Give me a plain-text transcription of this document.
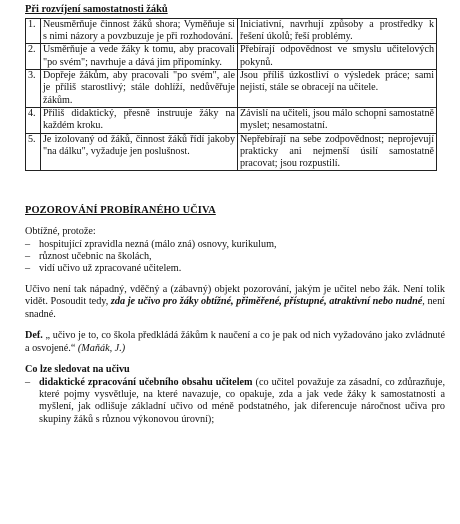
Při rozvíjení samostatnosti žáků
1.	Neusměrňuje činnost žáků shora; Vyměňuje si s nimi názory a povzbuzuje je při rozhodování.	Iniciativní, navrhují způsoby a prostředky k řešení úkolů; řeší problémy.
2.	Usměrňuje a vede žáky k tomu, aby pracovali "po svém"; navrhuje a dává jim připomínky.	Přebírají odpovědnost ve smyslu učitelových pokynů.
3.	Dopřeje žákům, aby pracovali "po svém", ale je příliš starostlivý; stále dohlíží, nedůvěřuje žákům.	Jsou příliš úzkostliví o výsledek práce; sami nejistí, stále se obracejí na učitele.
4.	Příliš didaktický, přesně instruuje žáky na každém kroku.	Závislí na učiteli, jsou málo schopni samostatně myslet; nesamostatní.
5.	Je izolovaný od žáků, činnost žáků řídí jakoby "na dálku", vyžaduje jen poslušnost.	Nepřebírají na sebe zodpovědnost; neprojevují prakticky ani nejmenší úsilí samostatně pracovat; jsou rozpustilí.
POZOROVÁNÍ PROBÍRANÉHO UČIVA

Obtížné, protože:

– hospitující zpravidla nezná (málo zná) osnovy, kurikulum,
– různost učebnic na školách,
– vidí učivo už zpracované učitelem.

Učivo není tak nápadný, vděčný a (zábavný) objekt pozorování, jakým je učitel nebo žák. Není tolik vidět. Posoudit tedy, zda je učivo pro žáky obtížné, přiměřené, přístupné, atraktivní nebo nudné, není snadné.

Def. „ učivo je to, co škola předkládá žákům k naučení a co je pak od nich vyžadováno jako zvládnuté a osvojené.“ (Maňák, J.)

Co lze sledovat na učivu

– didaktické zpracování učebního obsahu učitelem (co učitel považuje za zásadní, co zdůrazňuje, které pojmy vysvětluje, na které navazuje, co opakuje, zda a jak vede žáky k samostatnosti a myšlení, jak odlišuje základní učivo od méně podstatného, jak diferencuje náročnost učiva pro skupiny žáků s různou výkonovou úrovní);
